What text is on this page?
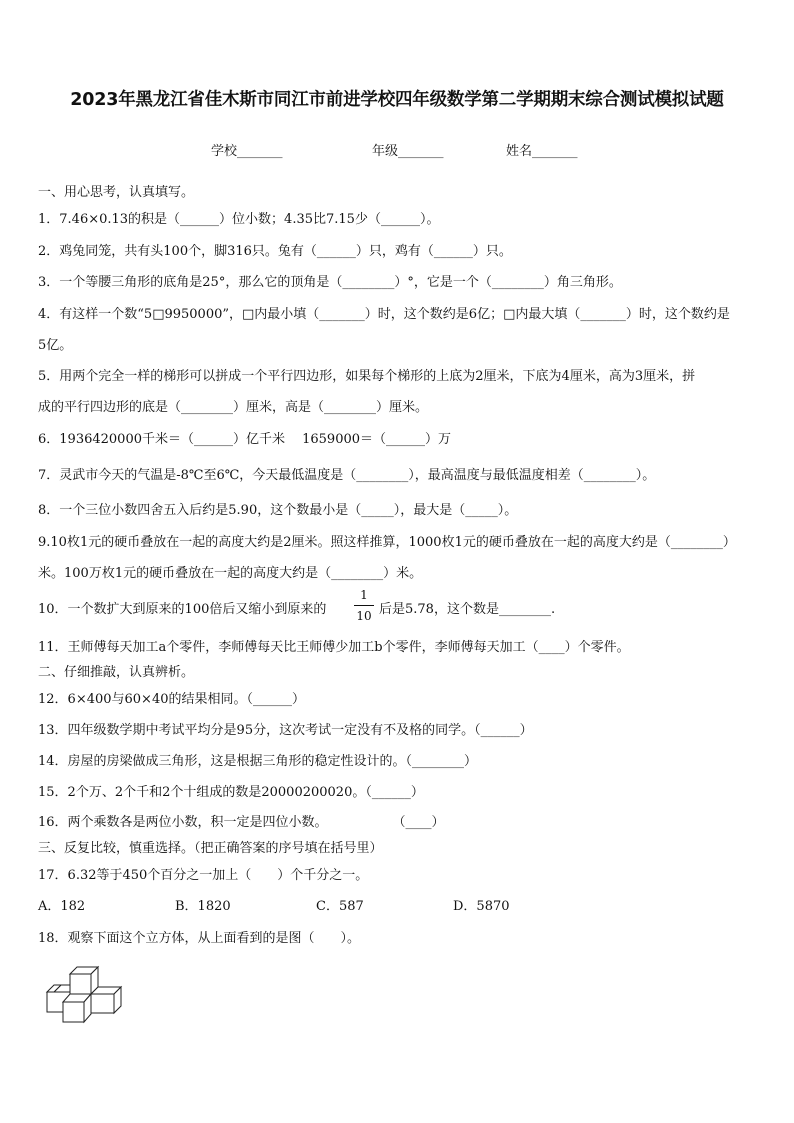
2023年黑龙江省佳木斯市同江市前进学校四年级数学第二学期期末综合测试模拟试题
学校_______	年级_______	姓名_______
一、用心思考，认真填写。
1．7.46×0.13的积是（______）位小数；4.35比7.15少（______）。
2．鸡兔同笼，共有头100个，脚316只。兔有（______）只，鸡有（______）只。
3．一个等腰三角形的底角是25°，那么它的顶角是（________）°，它是一个（________）角三角形。
4．有这样一个数“5□9950000”，□内最小填（_______）时，这个数约是6亿；□内最大填（_______）时，这个数约是
5亿。
5．用两个完全一样的梯形可以拼成一个平行四边形，如果每个梯形的上底为2厘米，下底为4厘米，高为3厘米，拼
成的平行四边形的底是（________）厘米，高是（________）厘米。
6．1936420000千米＝（______）亿千米　 1659000＝（______）万
7．灵武市今天的气温是-8℃至6℃，今天最低温度是（________），最高温度与最低温度相差（________）。
8．一个三位小数四舍五入后约是5.90，这个数最小是（_____），最大是（_____）。
9.10枚1元的硬币叠放在一起的高度大约是2厘米。照这样推算，1000枚1元的硬币叠放在一起的高度大约是（________）
米。100万枚1元的硬币叠放在一起的高度大约是（________）米。
10．一个数扩大到原来的100倍后又缩小到原来的
1
10 后是5.78，这个数是________.
11．王师傅每天加工a个零件，李师傅每天比王师傅少加工b个零件，李师傅每天加工（____）个零件。
二、仔细推敲，认真辨析。
12．6×400与60×40的结果相同。（______）
13．四年级数学期中考试平均分是95分，这次考试一定没有不及格的同学。（______）
14．房屋的房梁做成三角形，这是根据三角形的稳定性设计的。（________）
15．2个万、2个千和2个十组成的数是20000200020。（______）
16．两个乘数各是两位小数，积一定是四位小数。　　　　　　（____）
三、反复比较，慎重选择。（把正确答案的序号填在括号里）
17．6.32等于450个百分之一加上（　　）个千分之一。
A．182	B．1820	C．587	D．5870
18．观察下面这个立方体，从上面看到的是图（　　）。
